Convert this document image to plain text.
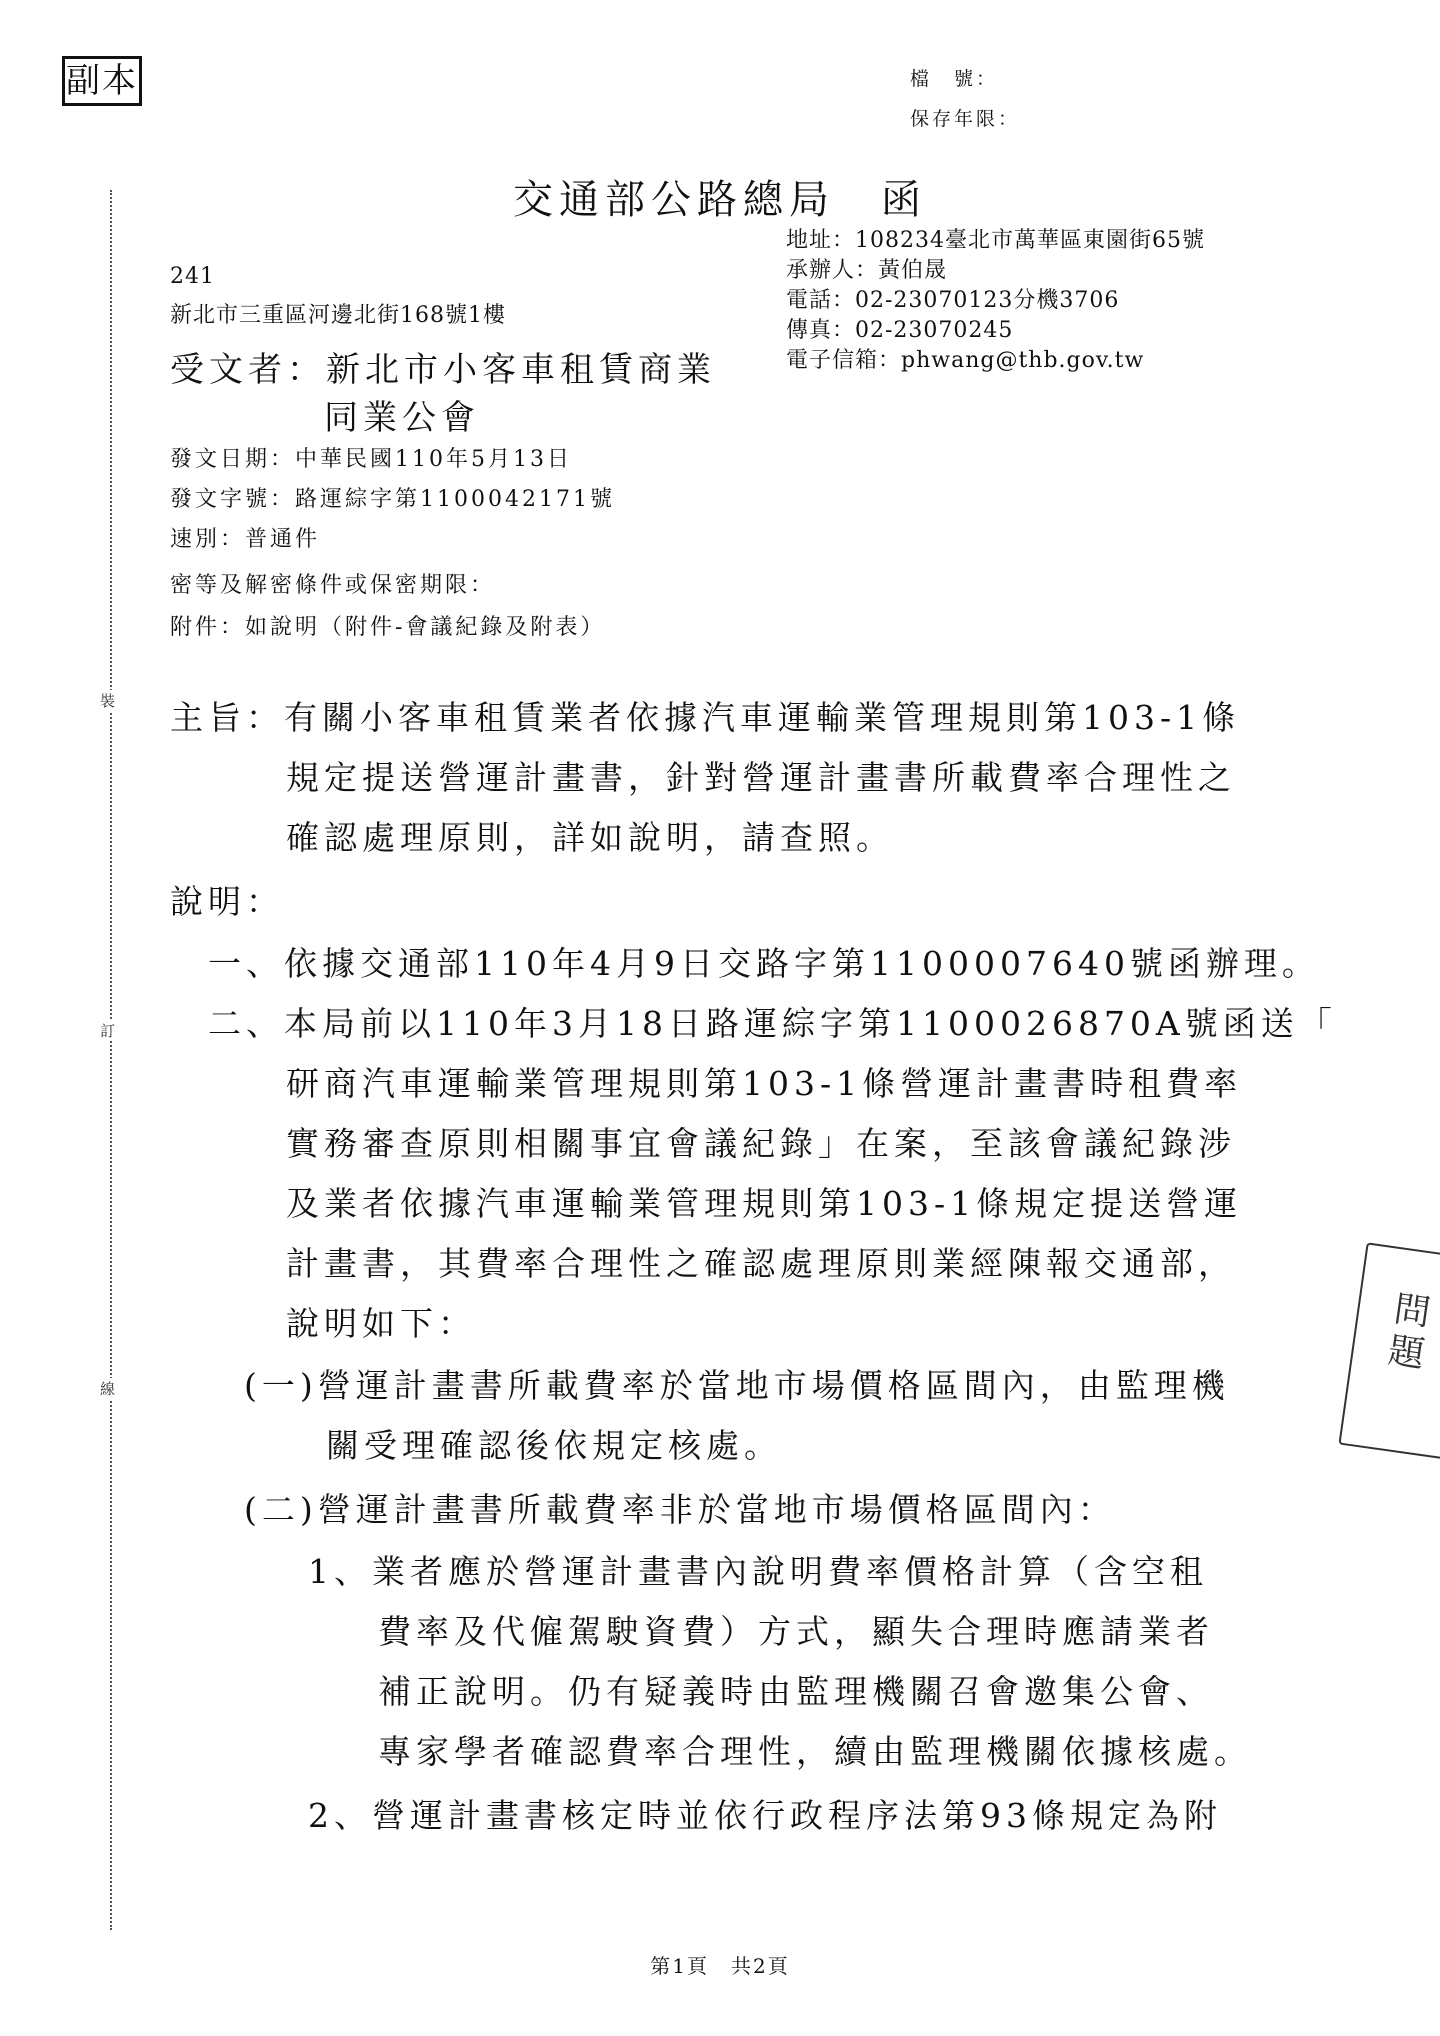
副本	檔　號：
保存年限：
交通部公路總局　函
地址：108234臺北市萬華區東園街65號
承辦人：黃伯晟
電話：02-23070123分機3706
傳真：02-23070245
電子信箱：phwang@thb.gov.tw
241
新北市三重區河邊北街168號1樓
受文者：新北市小客車租賃商業
同業公會
發文日期：中華民國110年5月13日
發文字號：路運綜字第1100042171號
速別：普通件
密等及解密條件或保密期限：
附件：如說明（附件-會議紀錄及附表）
裝
訂
線
主旨：有關小客車租賃業者依據汽車運輸業管理規則第103-1條
規定提送營運計畫書，針對營運計畫書所載費率合理性之
確認處理原則，詳如說明，請查照。
說明：
一、依據交通部110年4月9日交路字第1100007640號函辦理。
二、本局前以110年3月18日路運綜字第1100026870A號函送「
研商汽車運輸業管理規則第103-1條營運計畫書時租費率
實務審查原則相關事宜會議紀錄」在案，至該會議紀錄涉
及業者依據汽車運輸業管理規則第103-1條規定提送營運
計畫書，其費率合理性之確認處理原則業經陳報交通部，
說明如下：
(一)營運計畫書所載費率於當地市場價格區間內，由監理機
關受理確認後依規定核處。
(二)營運計畫書所載費率非於當地市場價格區間內：
1、業者應於營運計畫書內說明費率價格計算（含空租
費率及代僱駕駛資費）方式，顯失合理時應請業者
補正說明。仍有疑義時由監理機關召會邀集公會、
專家學者確認費率合理性，續由監理機關依據核處。
2、營運計畫書核定時並依行政程序法第93條規定為附
問題
第1頁　共2頁
